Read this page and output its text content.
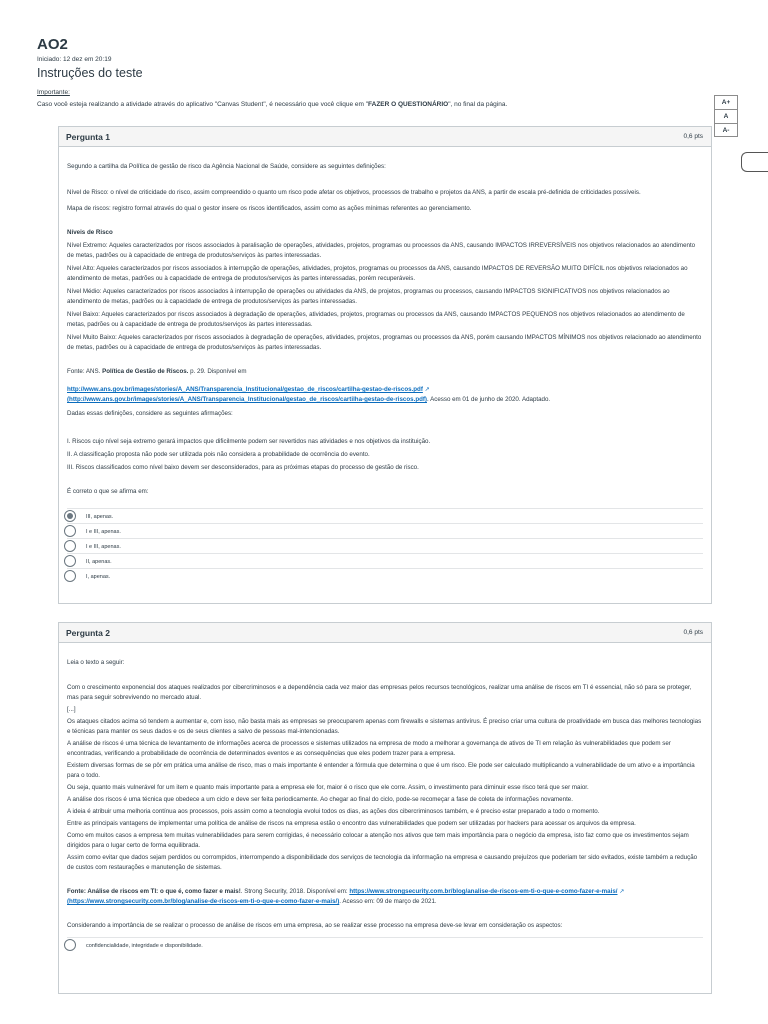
AO2
Iniciado: 12 dez em 20:19
Instruções do teste
Importante:
Caso você esteja realizando a atividade através do aplicativo "Canvas Student", é necessário que você clique em "FAZER O QUESTIONÁRIO", no final da página.	A+
A
A-
Pergunta 1	0,6 pts

Segundo a cartilha da Política de gestão de risco da Agência Nacional de Saúde, considere as seguintes definições:

Nível de Risco: o nível de criticidade do risco, assim compreendido o quanto um risco pode afetar os objetivos, processos de trabalho e projetos da ANS, a partir de escala pré-definida de criticidades possíveis.

Mapa de riscos: registro formal através do qual o gestor insere os riscos identificados, assim como as ações mínimas referentes ao gerenciamento.

Níveis de Risco

Nível Extremo: Aqueles caracterizados por riscos associados à paralisação de operações, atividades, projetos, programas ou processos da ANS, causando IMPACTOS IRREVERSÍVEIS nos objetivos relacionados ao atendimento de metas, padrões ou à capacidade de entrega de produtos/serviços às partes interessadas.

Nível Alto: Aqueles caracterizados por riscos associados à interrupção de operações, atividades, projetos, programas ou processos da ANS, causando IMPACTOS DE REVERSÃO MUITO DIFÍCIL nos objetivos relacionados ao atendimento de metas, padrões ou à capacidade de entrega de produtos/serviços às partes interessadas, porém recuperáveis.

Nível Médio: Aqueles caracterizados por riscos associados à interrupção de operações ou atividades da ANS, de projetos, programas ou processos, causando IMPACTOS SIGNIFICATIVOS nos objetivos relacionados ao atendimento de metas, padrões ou à capacidade de entrega de produtos/serviços às partes interessadas.

Nível Baixo: Aqueles caracterizados por riscos associados à degradação de operações, atividades, projetos, programas ou processos da ANS, causando IMPACTOS PEQUENOS nos objetivos relacionados ao atendimento de metas, padrões ou à capacidade de entrega de produtos/serviços às partes interessadas.

Nível Muito Baixo: Aqueles caracterizados por riscos associados à degradação de operações, atividades, projetos, programas ou processos da ANS, porém causando IMPACTOS MÍNIMOS nos objetivos relacionado ao atendimento de metas, padrões ou à capacidade de entrega de produtos/serviços às partes interessadas.

Fonte: ANS. Política de Gestão de Riscos. p. 29. Disponível em

http://www.ans.gov.br/images/stories/A_ANS/Transparencia_Institucional/gestao_de_riscos/cartilha-gestao-de-riscos.pdf ↗
(http://www.ans.gov.br/images/stories/A_ANS/Transparencia_Institucional/gestao_de_riscos/cartilha-gestao-de-riscos.pdf). Acesso em 01 de junho de 2020. Adaptado.

Dadas essas definições, considere as seguintes afirmações:

I. Riscos cujo nível seja extremo gerará impactos que dificilmente podem ser revertidos nas atividades e nos objetivos da instituição.

II. A classificação proposta não pode ser utilizada pois não considera a probabilidade de ocorrência do evento.

III. Riscos classificados como nível baixo devem ser desconsiderados, para as próximas etapas do processo de gestão de risco.

É correto o que se afirma em:

III, apenas.
I e III, apenas.
I e III, apenas.
II, apenas.
I, apenas.
Pergunta 2	0,6 pts

Leia o texto a seguir:

Com o crescimento exponencial dos ataques realizados por cibercriminosos e a dependência cada vez maior das empresas pelos recursos tecnológicos, realizar uma análise de riscos em TI é essencial, não só para se proteger, mas para seguir sobrevivendo no mercado atual.

[...]

Os ataques citados acima só tendem a aumentar e, com isso, não basta mais as empresas se preocuparem apenas com firewalls e sistemas antivírus. É preciso criar uma cultura de proatividade em busca das melhores tecnologias e técnicas para manter os seus dados e os de seus clientes a salvo de pessoas mal-intencionadas.

A análise de riscos é uma técnica de levantamento de informações acerca de processos e sistemas utilizados na empresa de modo a melhorar a governança de ativos de TI em relação às vulnerabilidades que podem ser encontradas, verificando a probabilidade de ocorrência de determinados eventos e as consequências que eles podem trazer para a empresa.

Existem diversas formas de se pôr em prática uma análise de risco, mas o mais importante é entender a fórmula que determina o que é um risco. Ele pode ser calculado multiplicando a vulnerabilidade de um ativo e a importância para o todo.

Ou seja, quanto mais vulnerável for um item e quanto mais importante para a empresa ele for, maior é o risco que ele corre. Assim, o investimento para diminuir esse risco terá que ser maior.

A análise dos riscos é uma técnica que obedece a um ciclo e deve ser feita periodicamente. Ao chegar ao final do ciclo, pode-se recomeçar a fase de coleta de informações novamente.

A ideia é atribuir uma melhoria contínua aos processos, pois assim como a tecnologia evolui todos os dias, as ações dos cibercriminosos também, e é preciso estar preparado a todo o momento.

Entre as principais vantagens de implementar uma política de análise de riscos na empresa estão o encontro das vulnerabilidades que podem ser utilizadas por hackers para acessar os arquivos da empresa.

Como em muitos casos a empresa tem muitas vulnerabilidades para serem corrigidas, é necessário colocar a atenção nos ativos que tem mais importância para o negócio da empresa, isto faz como que os investimentos sejam dirigidos para o lugar certo de forma equilibrada.

Assim como evitar que dados sejam perdidos ou corrompidos, interrompendo a disponibilidade dos serviços de tecnologia da informação na empresa e causando prejuízos que poderiam ter sido evitados, existe também a redução de custos com restaurações e manutenção de sistemas.

Fonte: Análise de riscos em TI: o que é, como fazer e mais!. Strong Security, 2018. Disponível em: https://www.strongsecurity.com.br/blog/analise-de-riscos-em-ti-o-que-e-como-fazer-e-mais/ ↗
(https://www.strongsecurity.com.br/blog/analise-de-riscos-em-ti-o-que-e-como-fazer-e-mais/). Acesso em: 09 de março de 2021.

Considerando a importância de se realizar o processo de análise de riscos em uma empresa, ao se realizar esse processo na empresa deve-se levar em consideração os aspectos:

confidencialidade, integridade e disponibilidade.
